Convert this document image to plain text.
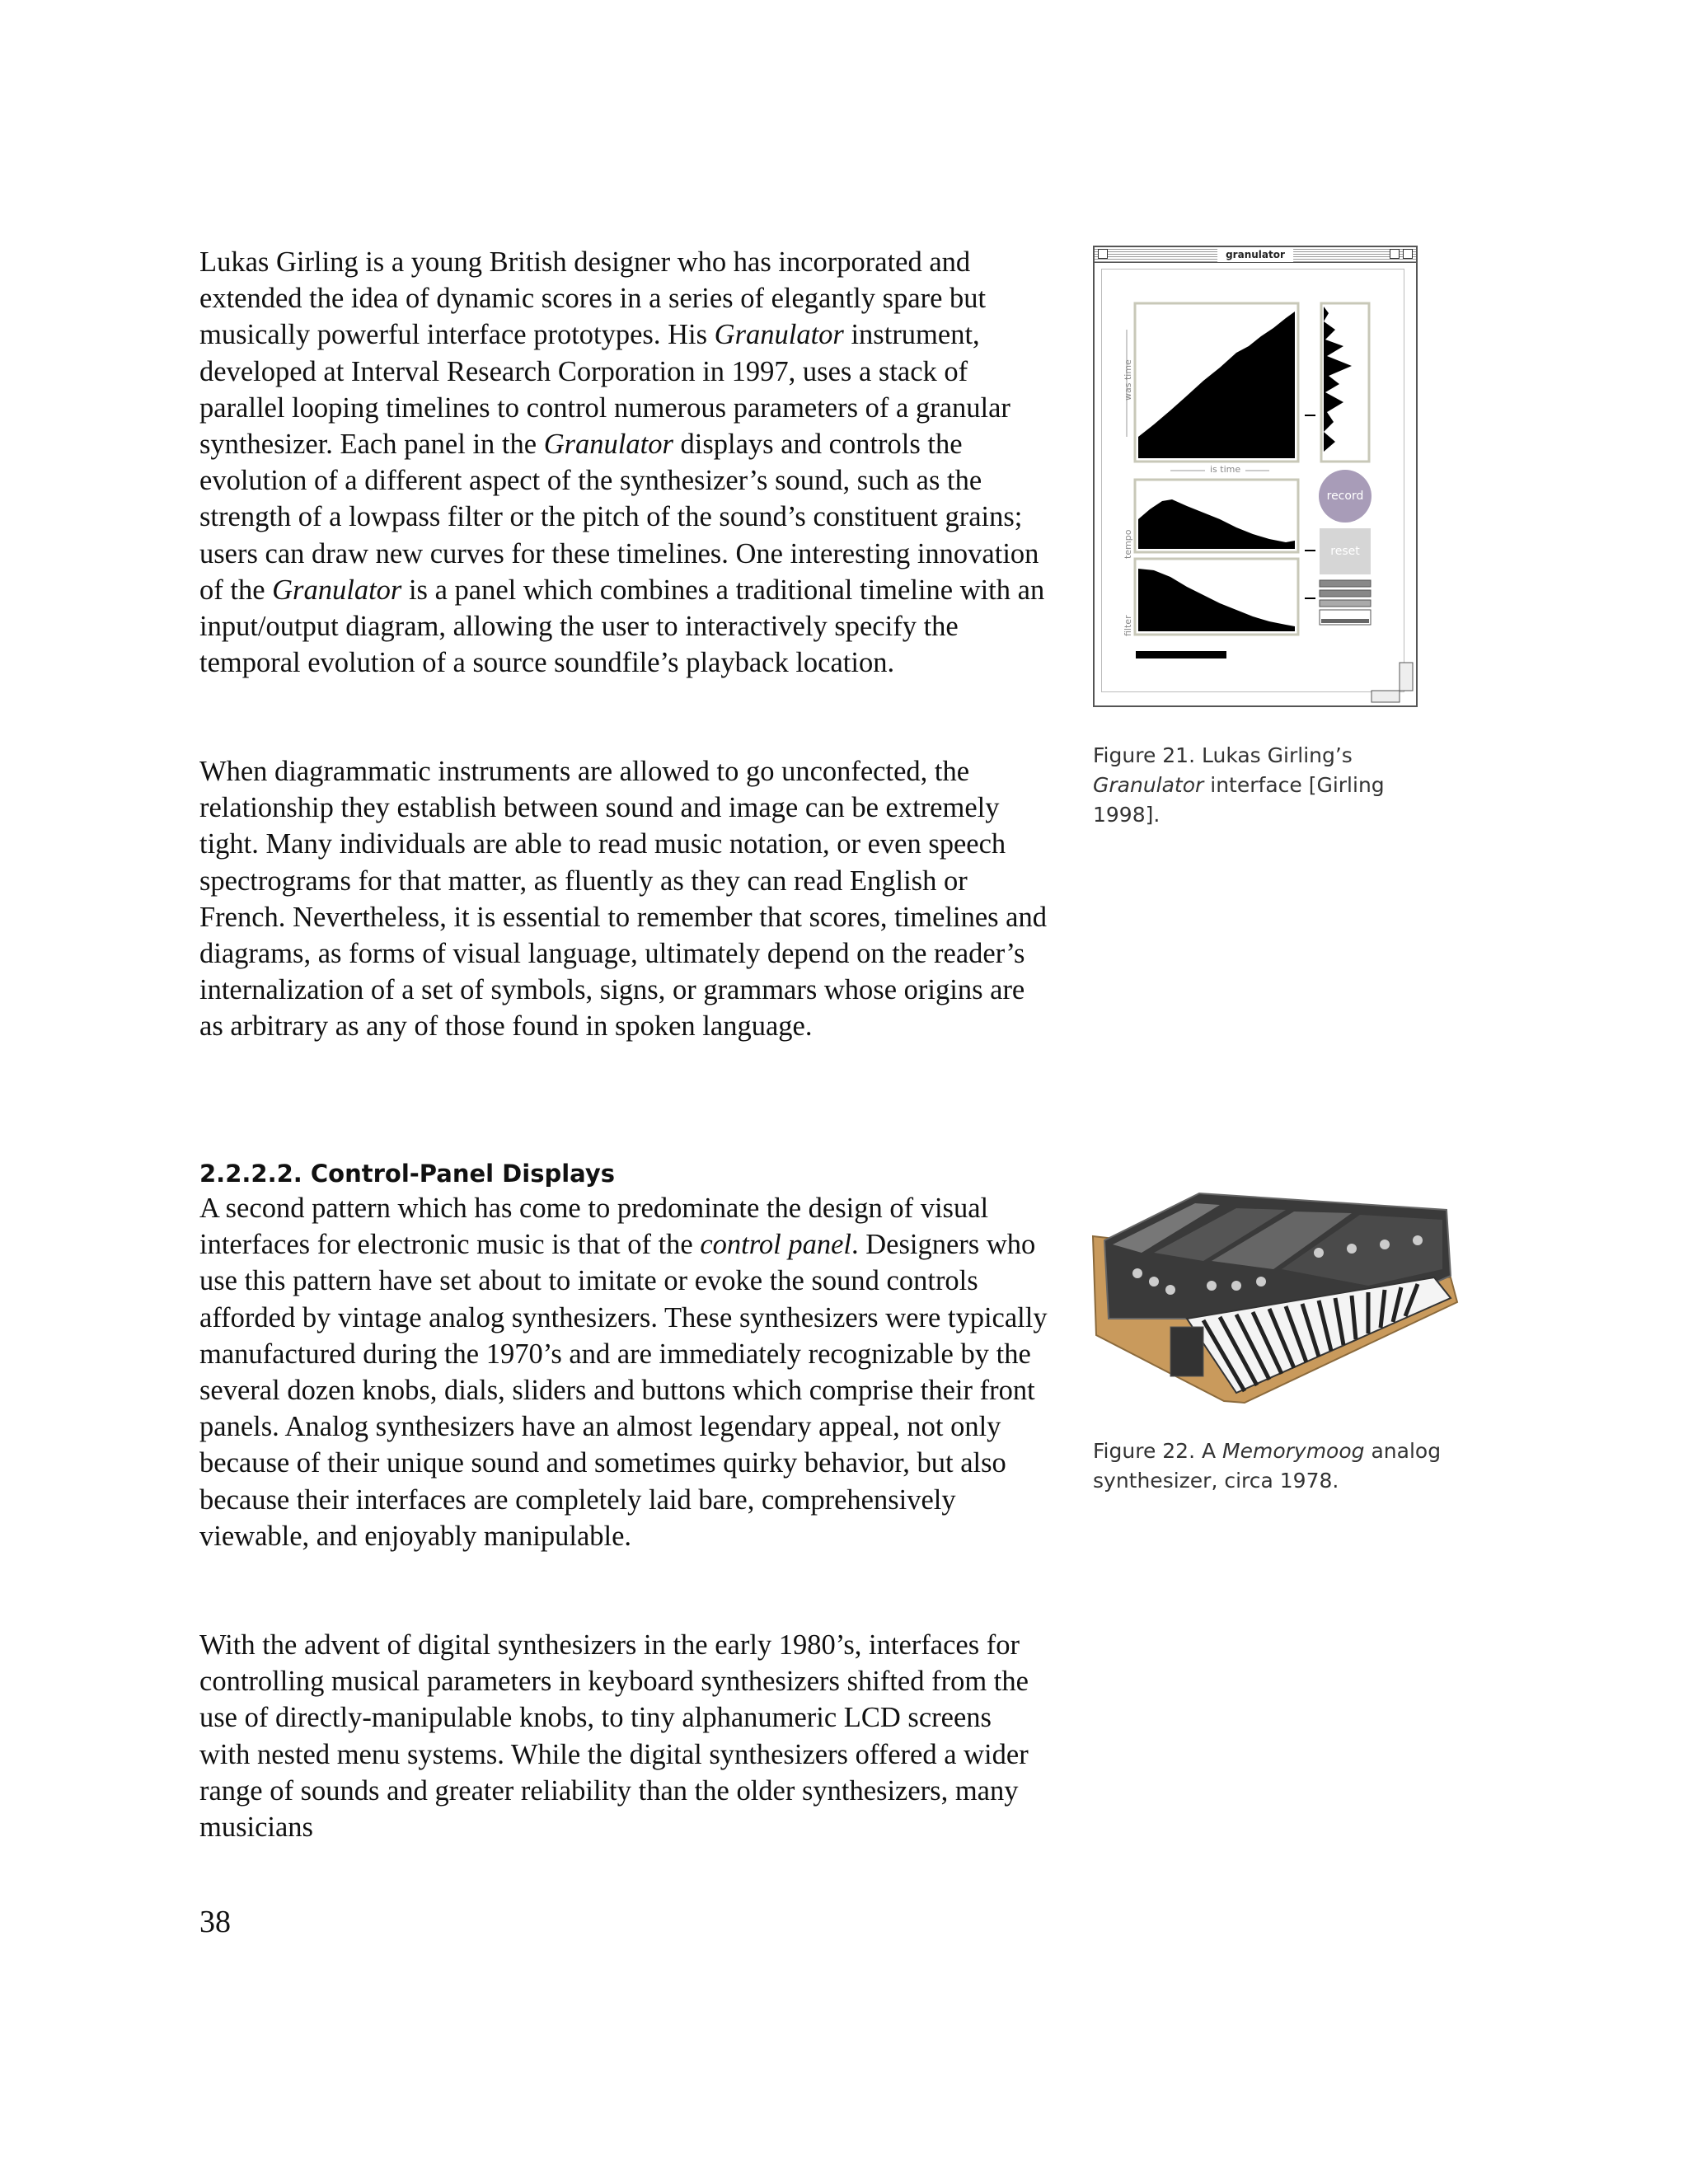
Lukas Girling is a young British designer who has incorporated and extended the idea of dynamic scores in a series of elegantly spare but musically powerful interface prototypes. His Granulator instrument, developed at Interval Research Corporation in 1997, uses a stack of parallel looping timelines to control numerous parameters of a granular synthesizer. Each panel in the Granulator displays and controls the evolution of a different aspect of the synthesizer’s sound, such as the strength of a lowpass filter or the pitch of the sound’s constituent grains; users can draw new curves for these timelines. One interesting innovation of the Granulator is a panel which combines a traditional timeline with an input/output diagram, allowing the user to interactively specify the temporal evolution of a source soundfile’s playback location.

When diagrammatic instruments are allowed to go unconfected, the relationship they establish between sound and image can be extremely tight. Many individuals are able to read music notation, or even speech spectrograms for that matter, as fluently as they can read English or French. Nevertheless, it is essential to remember that scores, timelines and diagrams, as forms of visual language, ultimately depend on the reader’s internalization of a set of symbols, signs, or grammars whose origins are as arbitrary as any of those found in spoken language.

2.2.2.2. Control-Panel Displays

A second pattern which has come to predominate the design of visual interfaces for electronic music is that of the control panel. Designers who use this pattern have set about to imitate or evoke the sound controls afforded by vintage analog synthesizers. These synthesizers were typically manufactured during the 1970’s and are immediately recognizable by the several dozen knobs, dials, sliders and buttons which comprise their front panels. Analog synthesizers have an almost legendary appeal, not only because of their unique sound and sometimes quirky behavior, but also because their interfaces are completely laid bare, comprehensively viewable, and enjoyably manipulable.

With the advent of digital synthesizers in the early 1980’s, interfaces for controlling musical parameters in keyboard synthesizers shifted from the use of directly-manipulable knobs, to tiny alphanumeric LCD screens with nested menu systems. While the digital synthesizers offered a wider range of sounds and greater reliability than the older synthesizers, many musicians

granulator
was time
is time
tempo
filter
record
reset
Figure 21. Lukas Girling’s Granulator interface [Girling 1998].
Figure 22. A Memorymoog analog synthesizer, circa 1978.
38
